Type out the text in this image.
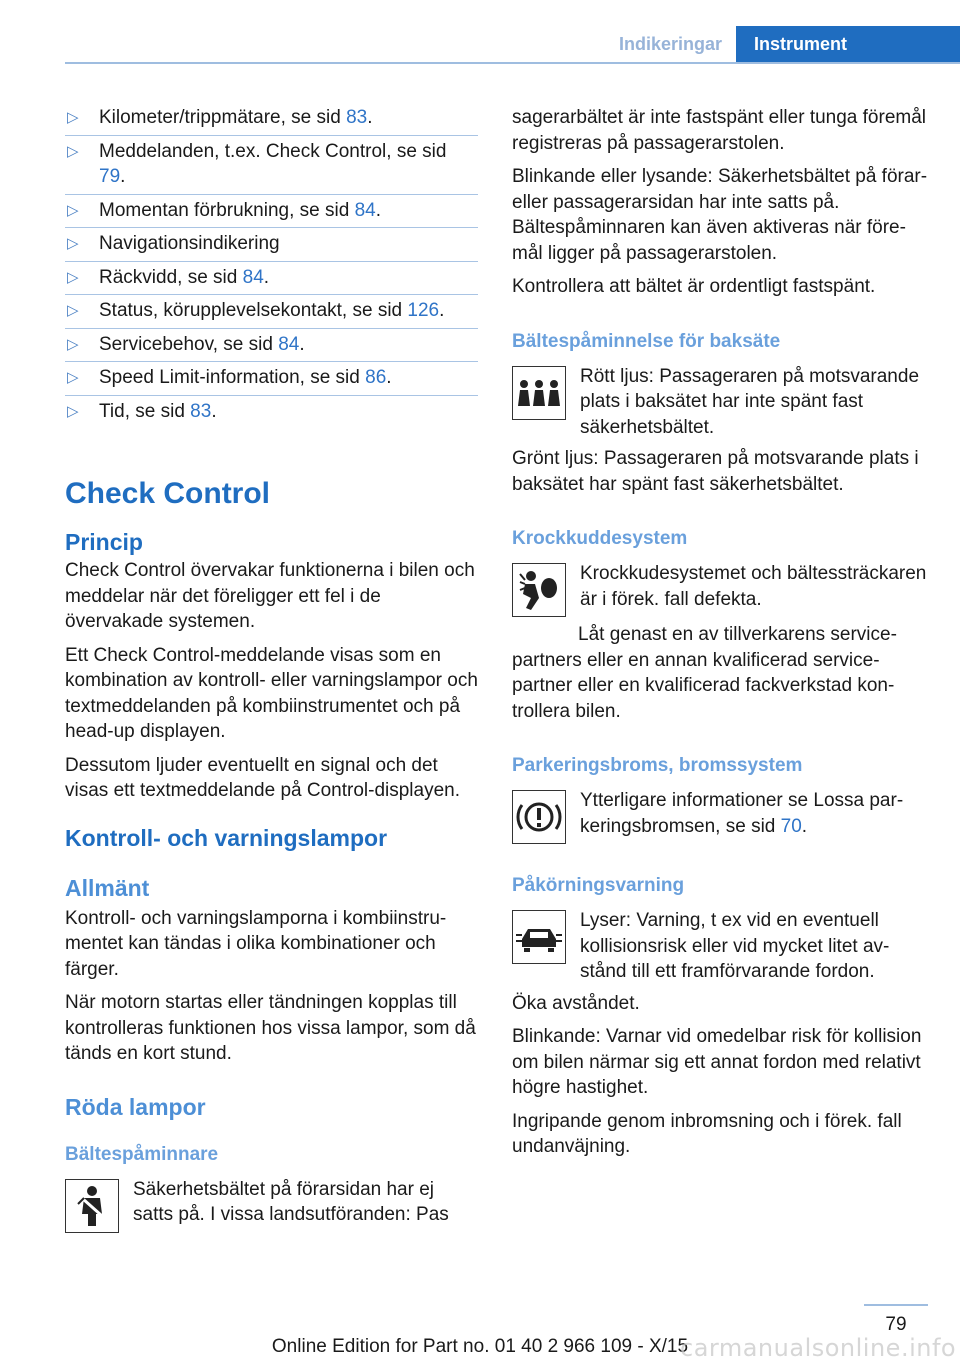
Indikeringar	Instrument
▷ Kilometer/trippmätare, se sid 83.
▷ Meddelanden, t.ex. Check Control, se sid 79.
▷ Momentan förbrukning, se sid 84.
▷ Navigationsindikering
▷ Räckvidd, se sid 84.
▷ Status, körupplevelsekontakt, se sid 126.
▷ Servicebehov, se sid 84.
▷ Speed Limit-information, se sid 86.
▷ Tid, se sid 83.
Check Control
Princip

Check Control övervakar funktionerna i bilen och meddelar när det föreligger ett fel i de övervakade systemen.

Ett Check Control-meddelande visas som en kombination av kontroll- eller varningslampor och textmeddelanden på kombiinstrumentet och på head-up displayen.

Dessutom ljuder eventuellt en signal och det visas ett textmeddelande på Control-displayen.

Kontroll- och varningslampor
Allmänt

Kontroll- och varningslamporna i kombiinstrumentet kan tändas i olika kombinationer och färger.

När motorn startas eller tändningen kopplas till kontrolleras funktionen hos vissa lampor, som då tänds en kort stund.

Röda lampor
Bältespåminnare
Säkerhetsbältet på förarsidan har ej satts på. I vissa landsutföranden: Pas

sagerarbältet är inte fastspänt eller tunga föremål registreras på passagerarstolen.

Blinkande eller lysande: Säkerhetsbältet på förar- eller passagerarsidan har inte satts på. Bältespåminnaren kan även aktiveras när föremål ligger på passagerarstolen.

Kontrollera att bältet är ordentligt fastspänt.

Bältespåminnelse för baksäte
Rött ljus: Passageraren på motsvarande plats i baksätet har inte spänt fast säkerhetsbältet.

Grönt ljus: Passageraren på motsvarande plats i baksätet har spänt fast säkerhetsbältet.

Krockkuddesystem

Krockkudesystemet och bältessträckaren är i förek. fall defekta.

Låt genast en av tillverkarens servicepartners eller en annan kvalificerad servicepartner eller en kvalificerad fackverkstad kontrollera bilen.

Parkeringsbroms, bromssystem
Ytterligare informationer se Lossa parkeringsbromsen, se sid 70.
Påkörningsvarning
Lyser: Varning, t ex vid en eventuell kollisionsrisk eller vid mycket litet avstånd till ett framförvarande fordon.

Öka avståndet.

Blinkande: Varnar vid omedelbar risk för kollision om bilen närmar sig ett annat fordon med relativt högre hastighet.

Ingripande genom inbromsning och i förek. fall undanväjning.

79
Online Edition for Part no. 01 40 2 966 109 - X/15
carmanualsonline.info
